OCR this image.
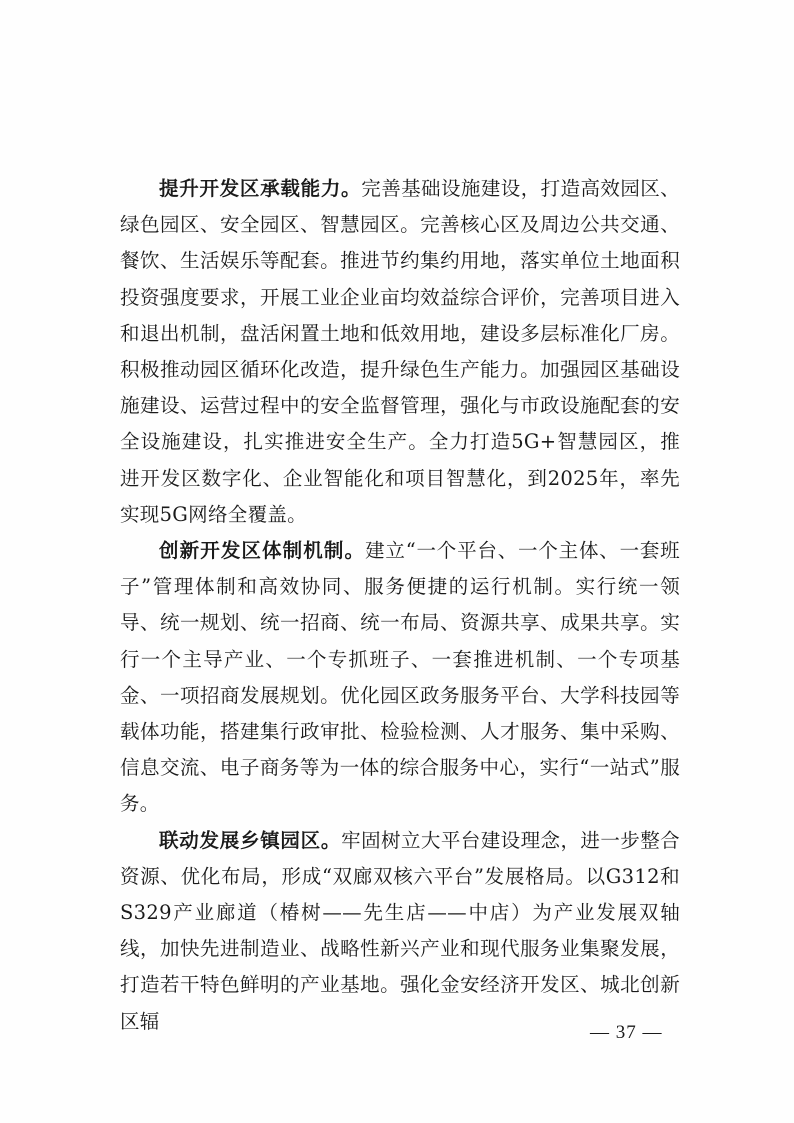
提升开发区承载能力。完善基础设施建设，打造高效园区、绿色园区、安全园区、智慧园区。完善核心区及周边公共交通、餐饮、生活娱乐等配套。推进节约集约用地，落实单位土地面积投资强度要求，开展工业企业亩均效益综合评价，完善项目进入和退出机制，盘活闲置土地和低效用地，建设多层标准化厂房。积极推动园区循环化改造，提升绿色生产能力。加强园区基础设施建设、运营过程中的安全监督管理，强化与市政设施配套的安全设施建设，扎实推进安全生产。全力打造5G+智慧园区，推进开发区数字化、企业智能化和项目智慧化，到2025年，率先实现5G网络全覆盖。

创新开发区体制机制。建立“一个平台、一个主体、一套班子”管理体制和高效协同、服务便捷的运行机制。实行统一领导、统一规划、统一招商、统一布局、资源共享、成果共享。实行一个主导产业、一个专抓班子、一套推进机制、一个专项基金、一项招商发展规划。优化园区政务服务平台、大学科技园等载体功能，搭建集行政审批、检验检测、人才服务、集中采购、信息交流、电子商务等为一体的综合服务中心，实行“一站式”服务。

联动发展乡镇园区。牢固树立大平台建设理念，进一步整合资源、优化布局，形成“双廊双核六平台”发展格局。以G312和S329产业廊道（椿树——先生店——中店）为产业发展双轴线，加快先进制造业、战略性新兴产业和现代服务业集聚发展，打造若干特色鲜明的产业基地。强化金安经济开发区、城北创新区辐	— 37 —
